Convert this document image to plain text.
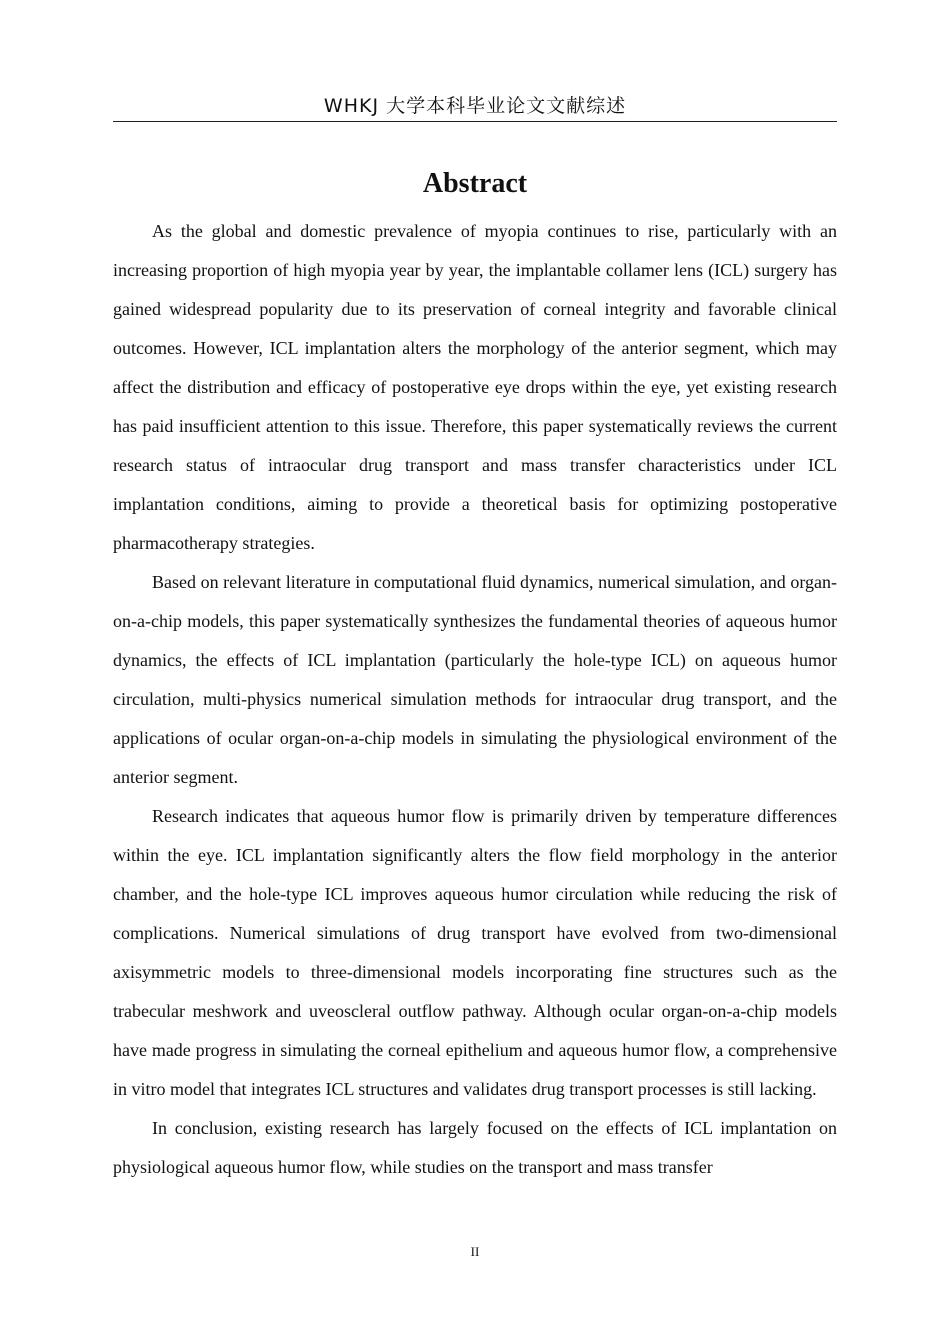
WHKJ 大学本科毕业论文文献综述
Abstract

As the global and domestic prevalence of myopia continues to rise, particularly with an increasing proportion of high myopia year by year, the implantable collamer lens (ICL) surgery has gained widespread popularity due to its preservation of corneal integrity and favorable clinical outcomes. However, ICL implantation alters the morphology of the anterior segment, which may affect the distribution and efficacy of postoperative eye drops within the eye, yet existing research has paid insufficient attention to this issue. Therefore, this paper systematically reviews the current research status of intraocular drug transport and mass transfer characteristics under ICL implantation conditions, aiming to provide a theoretical basis for optimizing postoperative pharmacotherapy strategies.

Based on relevant literature in computational fluid dynamics, numerical simulation, and organ-on-a-chip models, this paper systematically synthesizes the fundamental theories of aqueous humor dynamics, the effects of ICL implantation (particularly the hole-type ICL) on aqueous humor circulation, multi-physics numerical simulation methods for intraocular drug transport, and the applications of ocular organ-on-a-chip models in simulating the physiological environment of the anterior segment.

Research indicates that aqueous humor flow is primarily driven by temperature differences within the eye. ICL implantation significantly alters the flow field morphology in the anterior chamber, and the hole-type ICL improves aqueous humor circulation while reducing the risk of complications. Numerical simulations of drug transport have evolved from two-dimensional axisymmetric models to three-dimensional models incorporating fine structures such as the trabecular meshwork and uveoscleral outflow pathway. Although ocular organ-on-a-chip models have made progress in simulating the corneal epithelium and aqueous humor flow, a comprehensive in vitro model that integrates ICL structures and validates drug transport processes is still lacking.

In conclusion, existing research has largely focused on the effects of ICL implantation on physiological aqueous humor flow, while studies on the transport and mass transfer

II
